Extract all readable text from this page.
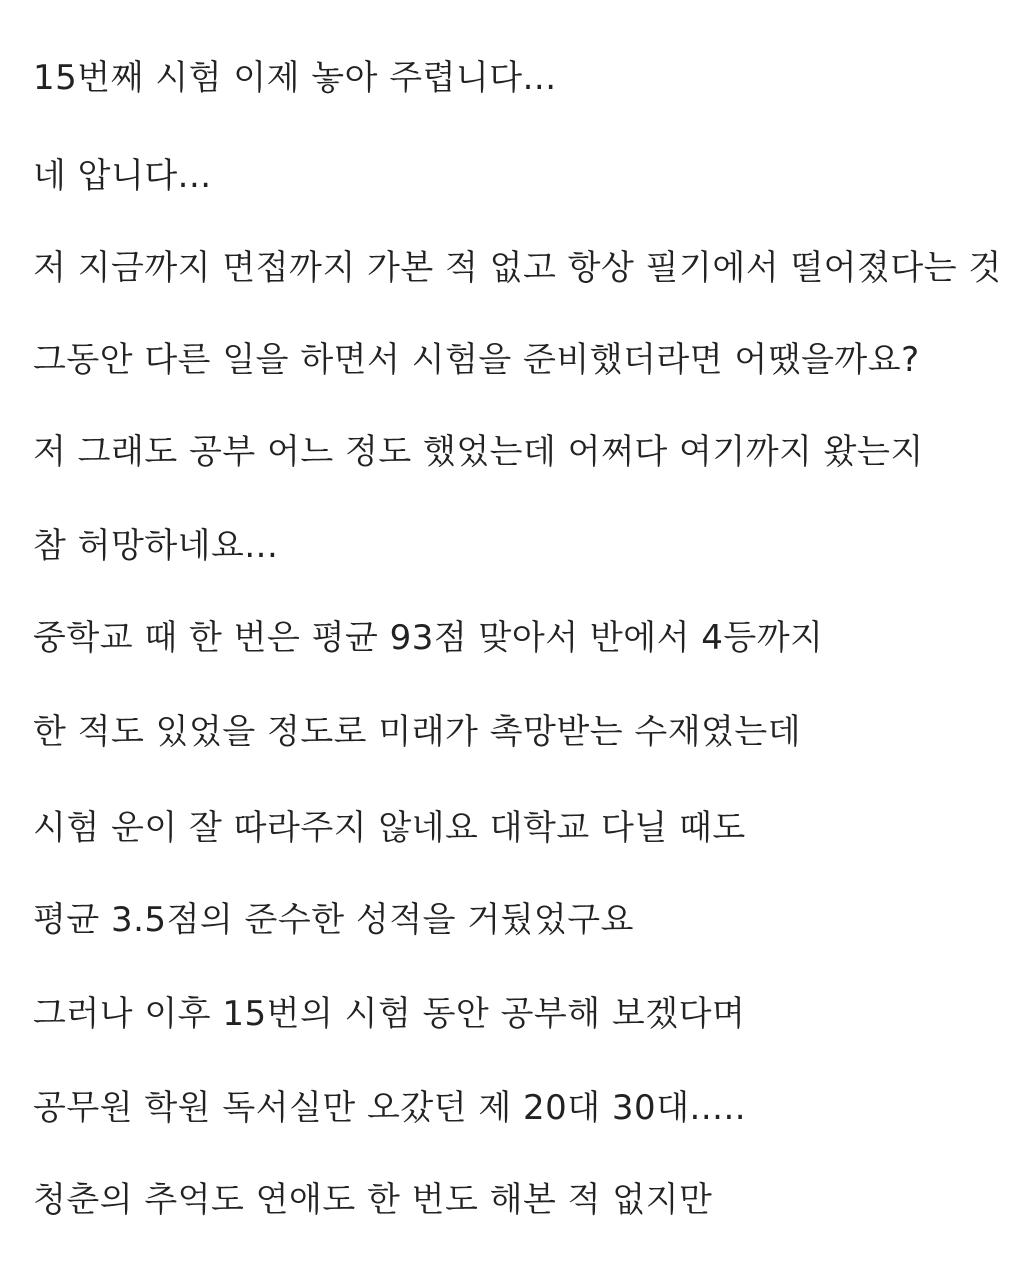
15번째 시험 이제 놓아 주렵니다...
네 압니다...
저 지금까지 면접까지 가본 적 없고 항상 필기에서 떨어졌다는 것
그동안 다른 일을 하면서 시험을 준비했더라면 어땠을까요?
저 그래도 공부 어느 정도 했었는데 어쩌다 여기까지 왔는지
참 허망하네요...
중학교 때 한 번은 평균 93점 맞아서 반에서 4등까지
한 적도 있었을 정도로 미래가 촉망받는 수재였는데
시험 운이 잘 따라주지 않네요 대학교 다닐 때도
평균 3.5점의 준수한 성적을 거뒀었구요
그러나 이후 15번의 시험 동안 공부해 보겠다며
공무원 학원 독서실만 오갔던 제 20대 30대.....
청춘의 추억도 연애도 한 번도 해본 적 없지만
